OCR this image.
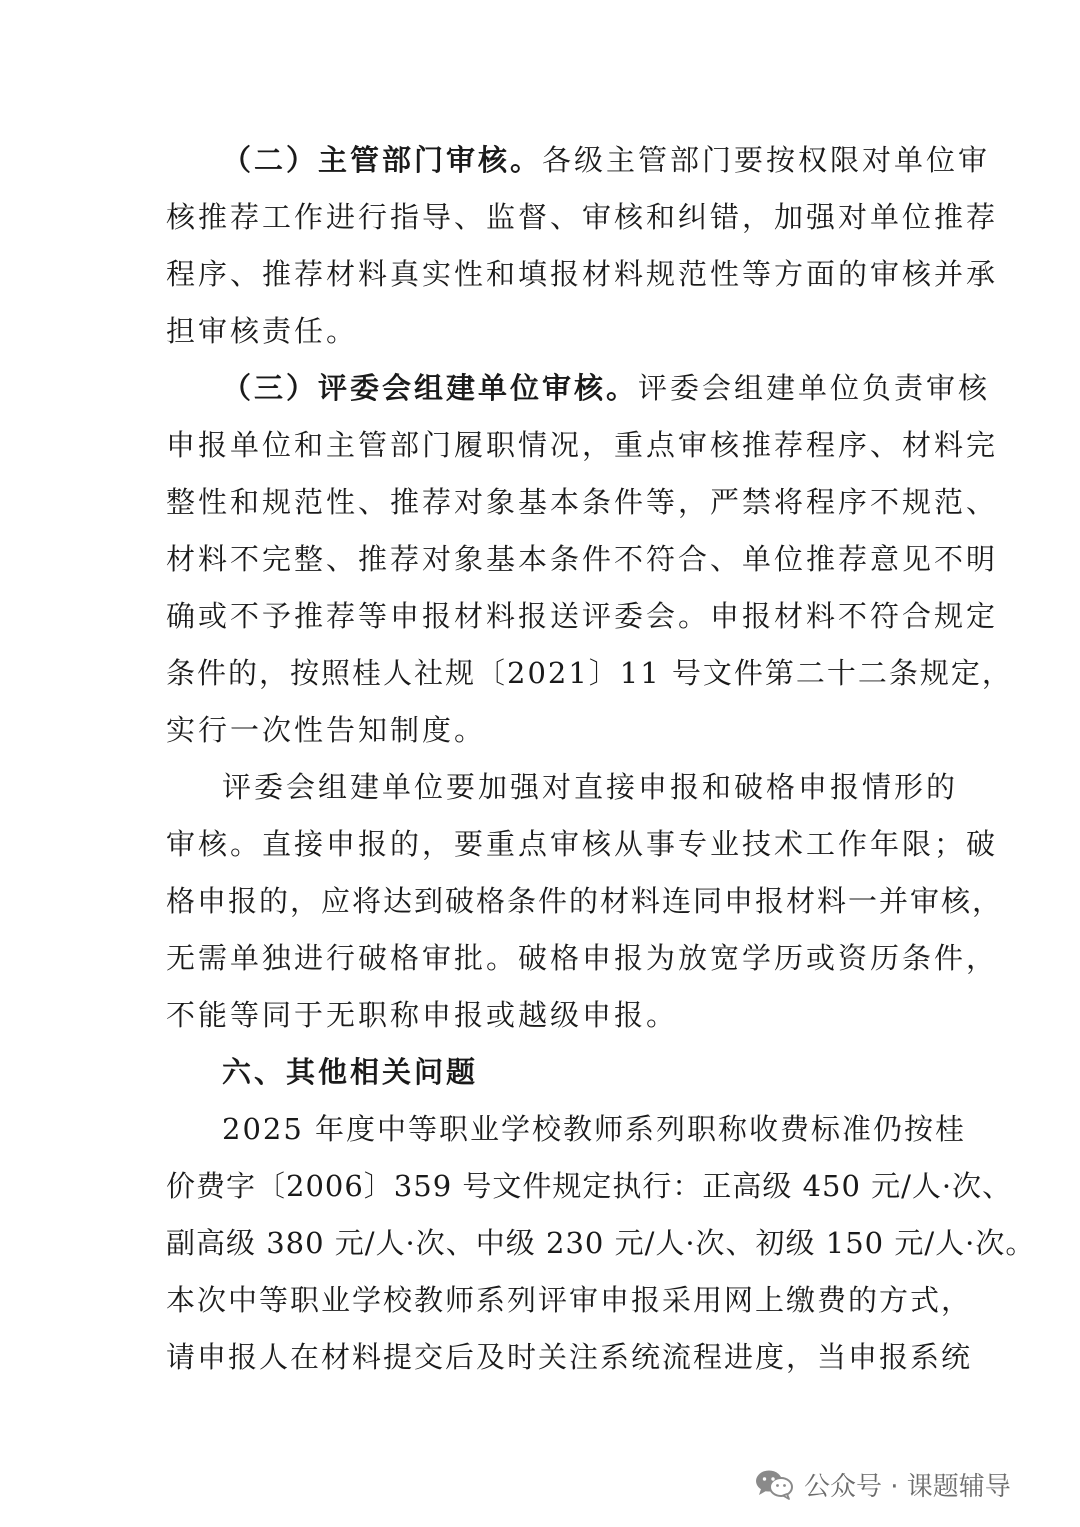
（二）主管部门审核。各级主管部门要按权限对单位审
核推荐工作进行指导、监督、审核和纠错，加强对单位推荐
程序、推荐材料真实性和填报材料规范性等方面的审核并承
担审核责任。
（三）评委会组建单位审核。评委会组建单位负责审核
申报单位和主管部门履职情况，重点审核推荐程序、材料完
整性和规范性、推荐对象基本条件等，严禁将程序不规范、
材料不完整、推荐对象基本条件不符合、单位推荐意见不明
确或不予推荐等申报材料报送评委会。申报材料不符合规定
条件的，按照桂人社规〔2021〕11 号文件第二十二条规定，
实行一次性告知制度。
评委会组建单位要加强对直接申报和破格申报情形的
审核。直接申报的，要重点审核从事专业技术工作年限；破
格申报的，应将达到破格条件的材料连同申报材料一并审核，
无需单独进行破格审批。破格申报为放宽学历或资历条件，
不能等同于无职称申报或越级申报。
六、其他相关问题
2025 年度中等职业学校教师系列职称收费标准仍按桂
价费字〔2006〕359 号文件规定执行：正高级 450 元/人·次、
副高级 380 元/人·次、中级 230 元/人·次、初级 150 元/人·次。
本次中等职业学校教师系列评审申报采用网上缴费的方式，
请申报人在材料提交后及时关注系统流程进度，当申报系统
公众号 · 课题辅导
